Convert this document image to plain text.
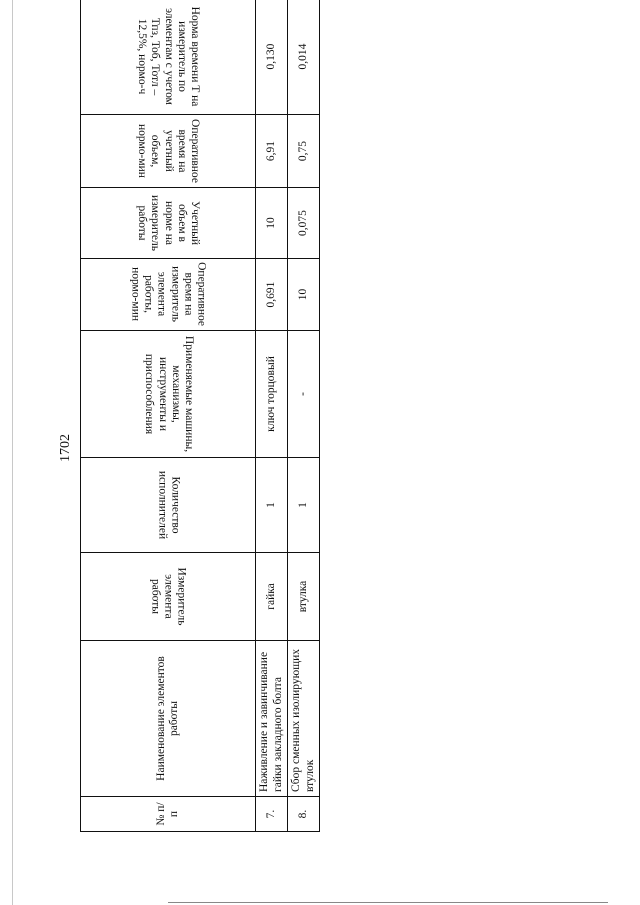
1702
№ п/п	Наименование элементов работы	Измеритель элемента работы	Количество исполнителей	Применяемые машины, механизмы, инструменты и приспособления	Оперативное время на измеритель элемента работы, нормо-мин	Учетный объем в норме на измеритель работы	Оперативное время на учетный объем, нормо-мин	Норма времени Т на измеритель по элементам с учетом Тпз, Тоб, Тотл – 12,5%, нормо-ч
7.	Наживление и завинчивание гайки закладного болта	гайка	1	ключ торцовый	0,691	10	6,91	0,130
8.	Сбор сменных изолирующих втулок	втулка	1	-	10	0,075	0,75	0,014
